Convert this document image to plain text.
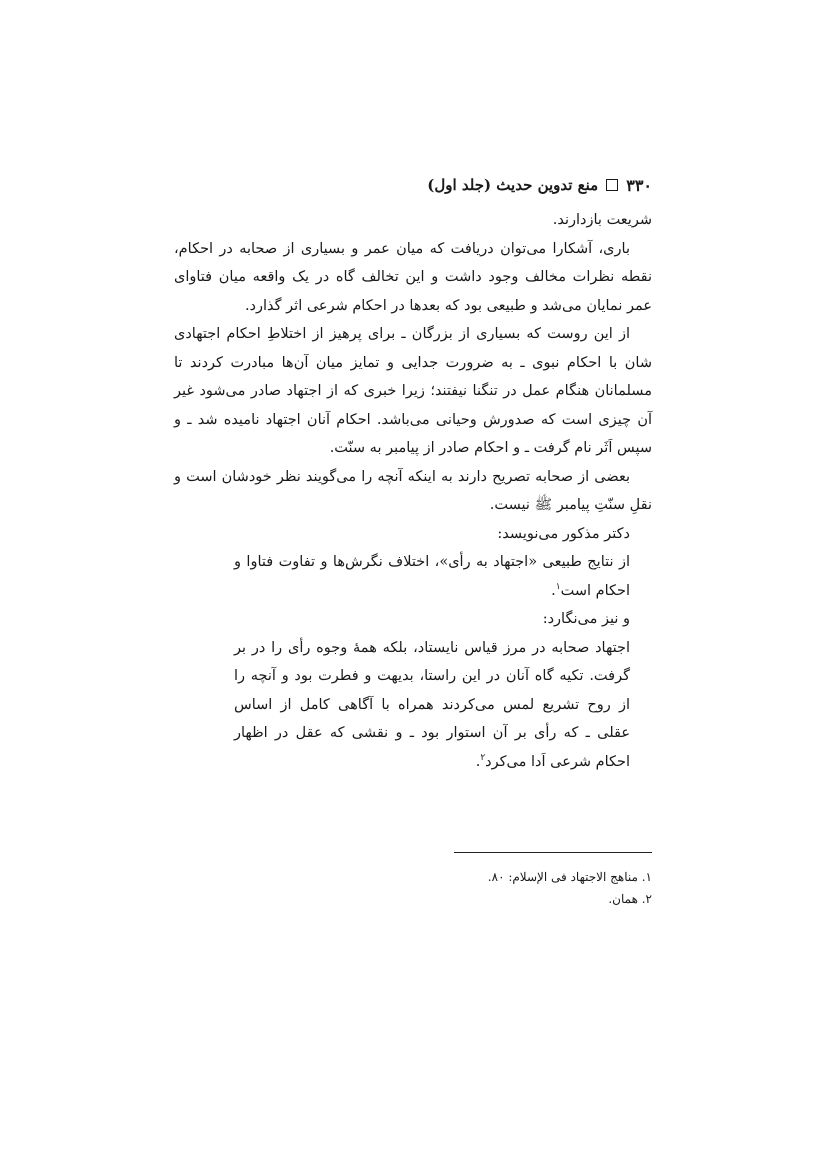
۳۳۰
منع تدوین حدیث (جلد اول)

شریعت بازدارند.

باری، آشکارا می‌توان دریافت که میان عمر و بسیاری از صحابه در احکام، نقطه نظرات مخالف وجود داشت و این تخالف گاه در یک واقعه میان فتاوای عمر نمایان می‌شد و طبیعی بود که بعدها در احکام شرعی اثر گذارد.

از این روست که بسیاری از بزرگان ـ برای پرهیز از اختلاطِ احکام اجتهادی شان با احکام نبوی ـ به ضرورت جدایی و تمایز میان آن‌ها مبادرت کردند تا مسلمانان هنگام عمل در تنگنا نیفتند؛ زیرا خبری که از اجتهاد صادر می‌شود غیر آن چیزی است که صدورش وحیانی می‌باشد. احکام آنان اجتهاد نامیده شد ـ و سپس اَثَر نام گرفت ـ و احکام صادر از پیامبر به سنّت.

بعضی از صحابه تصریح دارند به اینکه آنچه را می‌گویند نظر خودشان است و نقلِ سنّتِ پیامبر ﷺ نیست.

دکتر مذکور می‌نویسد:

از نتایج طبیعی «اجتهاد به رأی»، اختلاف نگرش‌ها و تفاوت فتاوا و احکام است$^۱$.

و نیز می‌نگارد:

اجتهاد صحابه در مرز قیاس نایستاد، بلکه همهٔ وجوه رأی را در بر گرفت. تکیه گاه آنان در این راستا، بدیهت و فطرت بود و آنچه را از روح تشریع لمس می‌کردند همراه با آگاهی کامل از اساس عقلی ـ که رأی بر آن استوار بود ـ و نقشی که عقل در اظهار احکام شرعی اَدا می‌کرد$^۲$.

۱. مناهج الاجتهاد فی الإسلام: ۸۰.
۲. همان.
